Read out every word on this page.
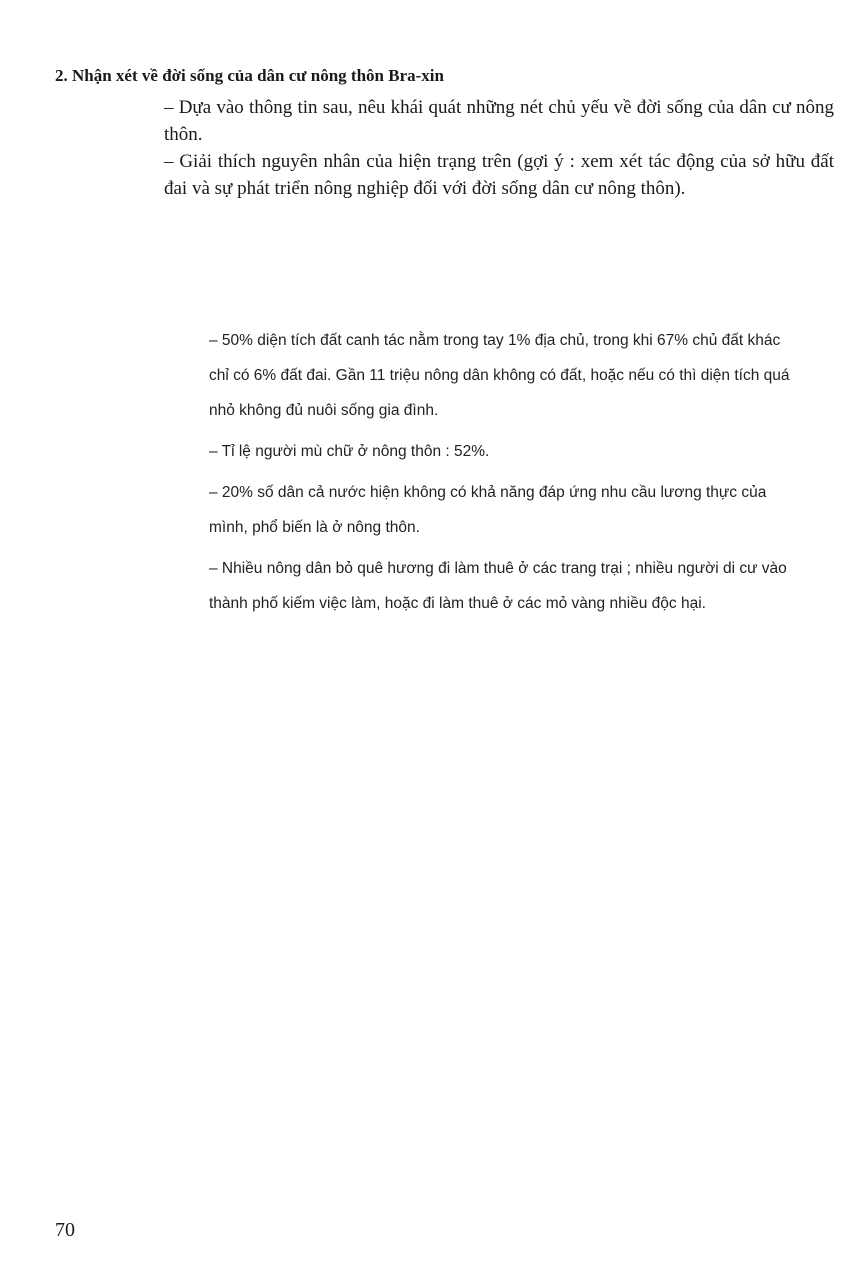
2. Nhận xét về đời sống của dân cư nông thôn Bra-xin

– Dựa vào thông tin sau, nêu khái quát những nét chủ yếu về đời sống của dân cư nông thôn.

– Giải thích nguyên nhân của hiện trạng trên (gợi ý : xem xét tác động của sở hữu đất đai và sự phát triển nông nghiệp đối với đời sống dân cư nông thôn).

– 50% diện tích đất canh tác nằm trong tay 1% địa chủ, trong khi 67% chủ đất khác chỉ có 6% đất đai. Gần 11 triệu nông dân không có đất, hoặc nếu có thì diện tích quá nhỏ không đủ nuôi sống gia đình.

– Tỉ lệ người mù chữ ở nông thôn : 52%.

– 20% số dân cả nước hiện không có khả năng đáp ứng nhu cầu lương thực của mình, phổ biến là ở nông thôn.

– Nhiều nông dân bỏ quê hương đi làm thuê ở các trang trại ; nhiều người di cư vào thành phố kiếm việc làm, hoặc đi làm thuê ở các mỏ vàng nhiều độc hại.

70
